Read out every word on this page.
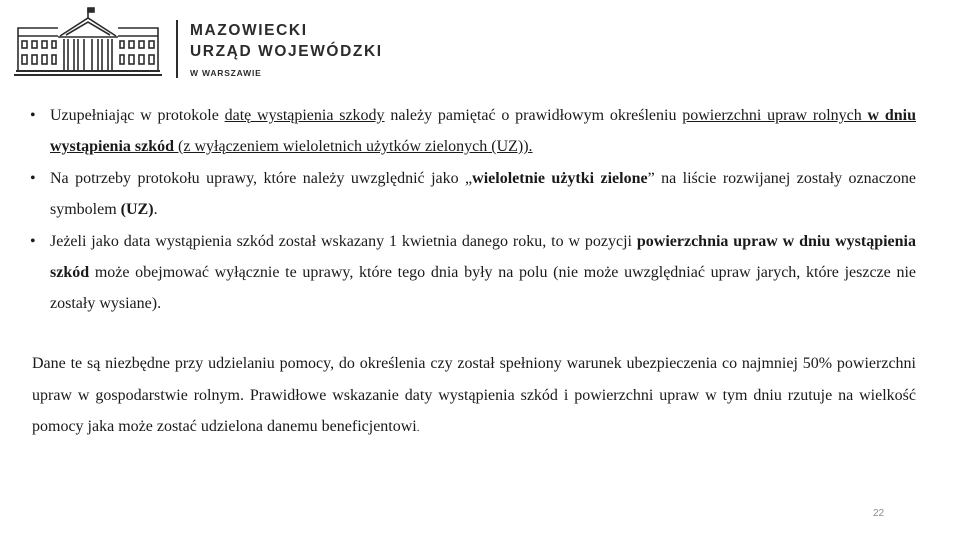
MAZOWIECKI
URZĄD WOJEWÓDZKI
W WARSZAWIE
• Uzupełniając w protokole datę wystąpienia szkody należy pamiętać o prawidłowym określeniu powierzchni upraw rolnych w dniu wystąpienia szkód (z wyłączeniem wieloletnich użytków zielonych (UZ)).
• Na potrzeby protokołu uprawy, które należy uwzględnić jako „wieloletnie użytki zielone” na liście rozwijanej zostały oznaczone symbolem (UZ).
• Jeżeli jako data wystąpienia szkód został wskazany 1 kwietnia danego roku, to w pozycji powierzchnia upraw w dniu wystąpienia szkód może obejmować wyłącznie te uprawy, które tego dnia były na polu (nie może uwzględniać upraw jarych, które jeszcze nie zostały wysiane).

Dane te są niezbędne przy udzielaniu pomocy, do określenia czy został spełniony warunek ubezpieczenia co najmniej 50% powierzchni upraw w gospodarstwie rolnym. Prawidłowe wskazanie daty wystąpienia szkód i powierzchni upraw w tym dniu rzutuje na wielkość pomocy jaka może zostać udzielona danemu beneficjentowi.

22
